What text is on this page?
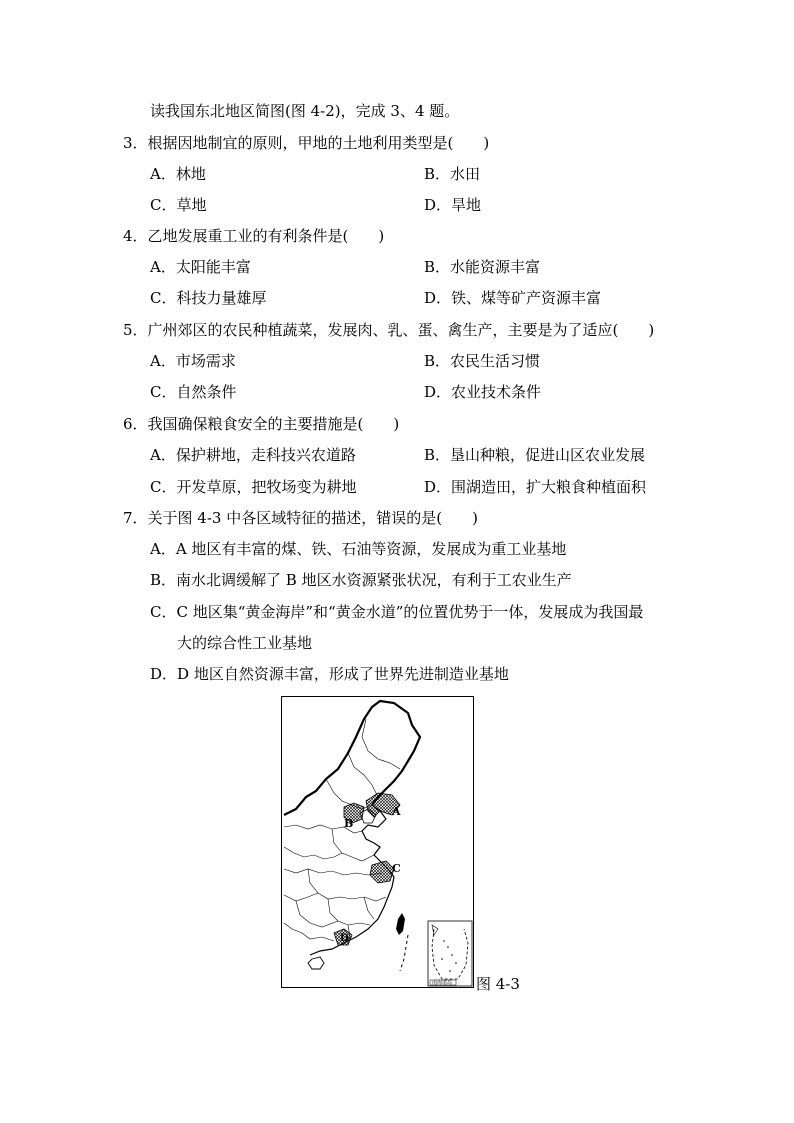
读我国东北地区简图(图 4-2)，完成 3、4 题。
3．根据因地制宜的原则，甲地的土地利用类型是(　　)
A．林地	B．水田
C．草地	D．旱地
4．乙地发展重工业的有利条件是(　　)
A．太阳能丰富	B．水能资源丰富
C．科技力量雄厚	D．铁、煤等矿产资源丰富
5．广州郊区的农民种植蔬菜，发展肉、乳、蛋、禽生产，主要是为了适应(　　)
A．市场需求	B．农民生活习惯
C．自然条件	D．农业技术条件
6．我国确保粮食安全的主要措施是(　　)
A．保护耕地，走科技兴农道路	B．垦山种粮，促进山区农业发展
C．开发草原，把牧场变为耕地	D．围湖造田，扩大粮食种植面积
7．关于图 4-3 中各区域特征的描述，错误的是(　　)
A．A 地区有丰富的煤、铁、石油等资源，发展成为重工业基地
B．南水北调缓解了 B 地区水资源紧张状况，有利于工农业生产
C．C 地区集“黄金海岸”和“黄金水道”的位置优势于一体，发展成为我国最
大的综合性工业基地
D．D 地区自然资源丰富，形成了世界先进制造业基地
A
B
C
D
南海诸岛 图 4-3
